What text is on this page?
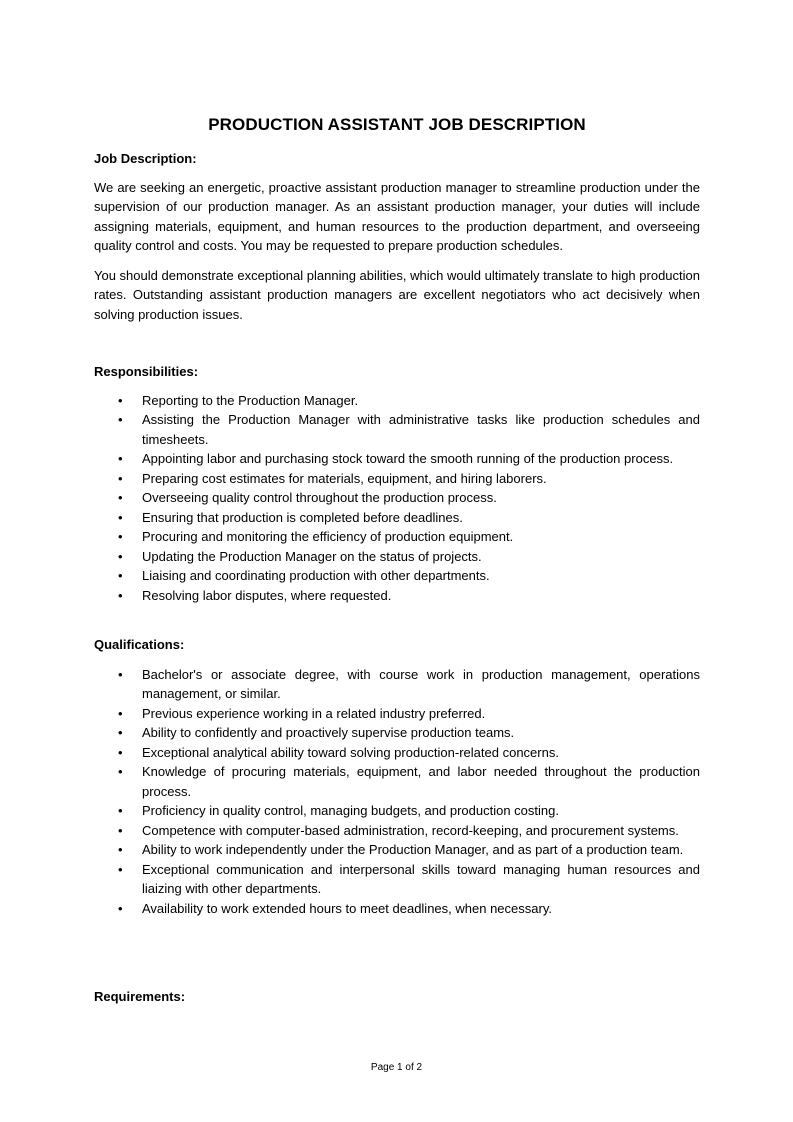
PRODUCTION ASSISTANT JOB DESCRIPTION

Job Description:

We are seeking an energetic, proactive assistant production manager to streamline production under the supervision of our production manager. As an assistant production manager, your duties will include assigning materials, equipment, and human resources to the production department, and overseeing quality control and costs. You may be requested to prepare production schedules.

You should demonstrate exceptional planning abilities, which would ultimately translate to high production rates. Outstanding assistant production managers are excellent negotiators who act decisively when solving production issues.

Responsibilities:

• Reporting to the Production Manager.
• Assisting the Production Manager with administrative tasks like production schedules and timesheets.
• Appointing labor and purchasing stock toward the smooth running of the production process.
• Preparing cost estimates for materials, equipment, and hiring laborers.
• Overseeing quality control throughout the production process.
• Ensuring that production is completed before deadlines.
• Procuring and monitoring the efficiency of production equipment.
• Updating the Production Manager on the status of projects.
• Liaising and coordinating production with other departments.
• Resolving labor disputes, where requested.

Qualifications:

• Bachelor's or associate degree, with course work in production management, operations management, or similar.
• Previous experience working in a related industry preferred.
• Ability to confidently and proactively supervise production teams.
• Exceptional analytical ability toward solving production-related concerns.
• Knowledge of procuring materials, equipment, and labor needed throughout the production process.
• Proficiency in quality control, managing budgets, and production costing.
• Competence with computer-based administration, record-keeping, and procurement systems.
• Ability to work independently under the Production Manager, and as part of a production team.
• Exceptional communication and interpersonal skills toward managing human resources and liaizing with other departments.
• Availability to work extended hours to meet deadlines, when necessary.

Requirements:

Page 1 of 2
